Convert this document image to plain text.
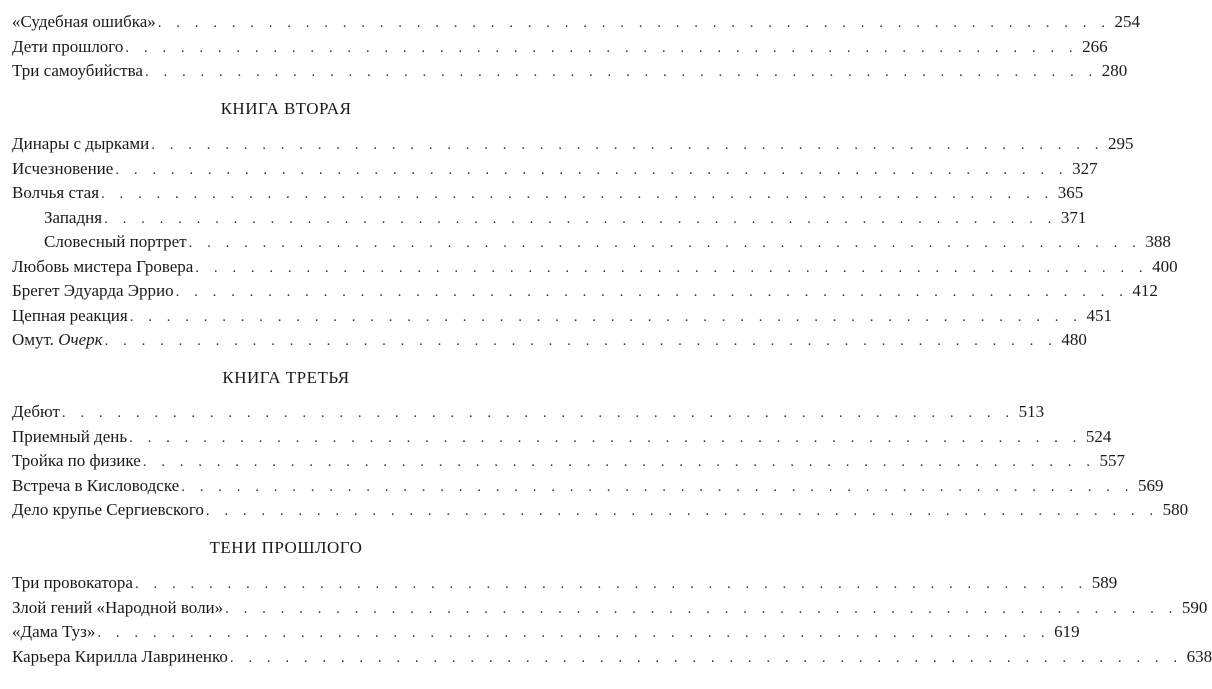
«Судебная ошибка» . . . . . . . . . . . . . . . . . . . . . . . . . . . . . . . . . . . . . . . . . . . . . . . . . . . . 254
Дети прошлого . . . . . . . . . . . . . . . . . . . . . . . . . . . . . . . . . . . . . . . . . . . . . . . . . . . . 266
Три самоубийства . . . . . . . . . . . . . . . . . . . . . . . . . . . . . . . . . . . . . . . . . . . . . . . . . . . . 280
КНИГА ВТОРАЯ
Динары с дырками . . . . . . . . . . . . . . . . . . . . . . . . . . . . . . . . . . . . . . . . . . . . . . . . . . . . 295
Исчезновение . . . . . . . . . . . . . . . . . . . . . . . . . . . . . . . . . . . . . . . . . . . . . . . . . . . . 327
Волчья стая . . . . . . . . . . . . . . . . . . . . . . . . . . . . . . . . . . . . . . . . . . . . . . . . . . . . 365
Западня . . . . . . . . . . . . . . . . . . . . . . . . . . . . . . . . . . . . . . . . . . . . . . . . . . . . 371
Словесный портрет . . . . . . . . . . . . . . . . . . . . . . . . . . . . . . . . . . . . . . . . . . . . . . . . . . . . 388
Любовь мистера Гровера . . . . . . . . . . . . . . . . . . . . . . . . . . . . . . . . . . . . . . . . . . . . . . . . . . . . 400
Брегет Эдуарда Эррио . . . . . . . . . . . . . . . . . . . . . . . . . . . . . . . . . . . . . . . . . . . . . . . . . . . . 412
Цепная реакция . . . . . . . . . . . . . . . . . . . . . . . . . . . . . . . . . . . . . . . . . . . . . . . . . . . . 451
Омут. Очерк . . . . . . . . . . . . . . . . . . . . . . . . . . . . . . . . . . . . . . . . . . . . . . . . . . . . 480
КНИГА ТРЕТЬЯ
Дебют . . . . . . . . . . . . . . . . . . . . . . . . . . . . . . . . . . . . . . . . . . . . . . . . . . . . 513
Приемный день . . . . . . . . . . . . . . . . . . . . . . . . . . . . . . . . . . . . . . . . . . . . . . . . . . . . 524
Тройка по физике . . . . . . . . . . . . . . . . . . . . . . . . . . . . . . . . . . . . . . . . . . . . . . . . . . . . 557
Встреча в Кисловодске . . . . . . . . . . . . . . . . . . . . . . . . . . . . . . . . . . . . . . . . . . . . . . . . . . . . 569
Дело крупье Сергиевского . . . . . . . . . . . . . . . . . . . . . . . . . . . . . . . . . . . . . . . . . . . . . . . . . . . . 580
ТЕНИ ПРОШЛОГО
Три провокатора . . . . . . . . . . . . . . . . . . . . . . . . . . . . . . . . . . . . . . . . . . . . . . . . . . . . 589
Злой гений «Народной воли» . . . . . . . . . . . . . . . . . . . . . . . . . . . . . . . . . . . . . . . . . . . . . . . . . . . . 590
«Дама Туз» . . . . . . . . . . . . . . . . . . . . . . . . . . . . . . . . . . . . . . . . . . . . . . . . . . . . 619
Карьера Кирилла Лавриненко . . . . . . . . . . . . . . . . . . . . . . . . . . . . . . . . . . . . . . . . . . . . . . . . . . . . 638
